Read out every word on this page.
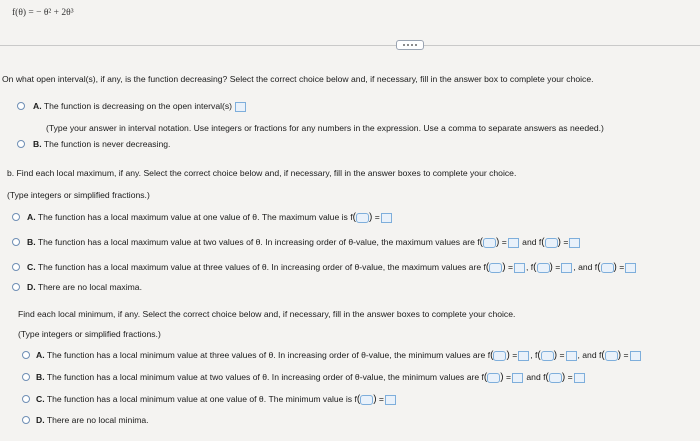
f(θ) = − θ² + 2θ³
On what open interval(s), if any, is the function decreasing? Select the correct choice below and, if necessary, fill in the answer box to complete your choice.
A. The function is decreasing on the open interval(s)
(Type your answer in interval notation. Use integers or fractions for any numbers in the expression. Use a comma to separate answers as needed.)
B. The function is never decreasing.
b. Find each local maximum, if any. Select the correct choice below and, if necessary, fill in the answer boxes to complete your choice.
(Type integers or simplified fractions.)
A. The function has a local maximum value at one value of θ. The maximum value is f( ) =
B. The function has a local maximum value at two values of θ. In increasing order of θ-value, the maximum values are f( ) = and f( ) =
C. The function has a local maximum value at three values of θ. In increasing order of θ-value, the maximum values are f( ) = , f( ) = , and f( ) =
D. There are no local maxima.
Find each local minimum, if any. Select the correct choice below and, if necessary, fill in the answer boxes to complete your choice.
(Type integers or simplified fractions.)
A. The function has a local minimum value at three values of θ. In increasing order of θ-value, the minimum values are f( ) = , f( ) = , and f( ) =
B. The function has a local minimum value at two values of θ. In increasing order of θ-value, the minimum values are f( ) = and f( ) =
C. The function has a local minimum value at one value of θ. The minimum value is f( ) =
D. There are no local minima.
